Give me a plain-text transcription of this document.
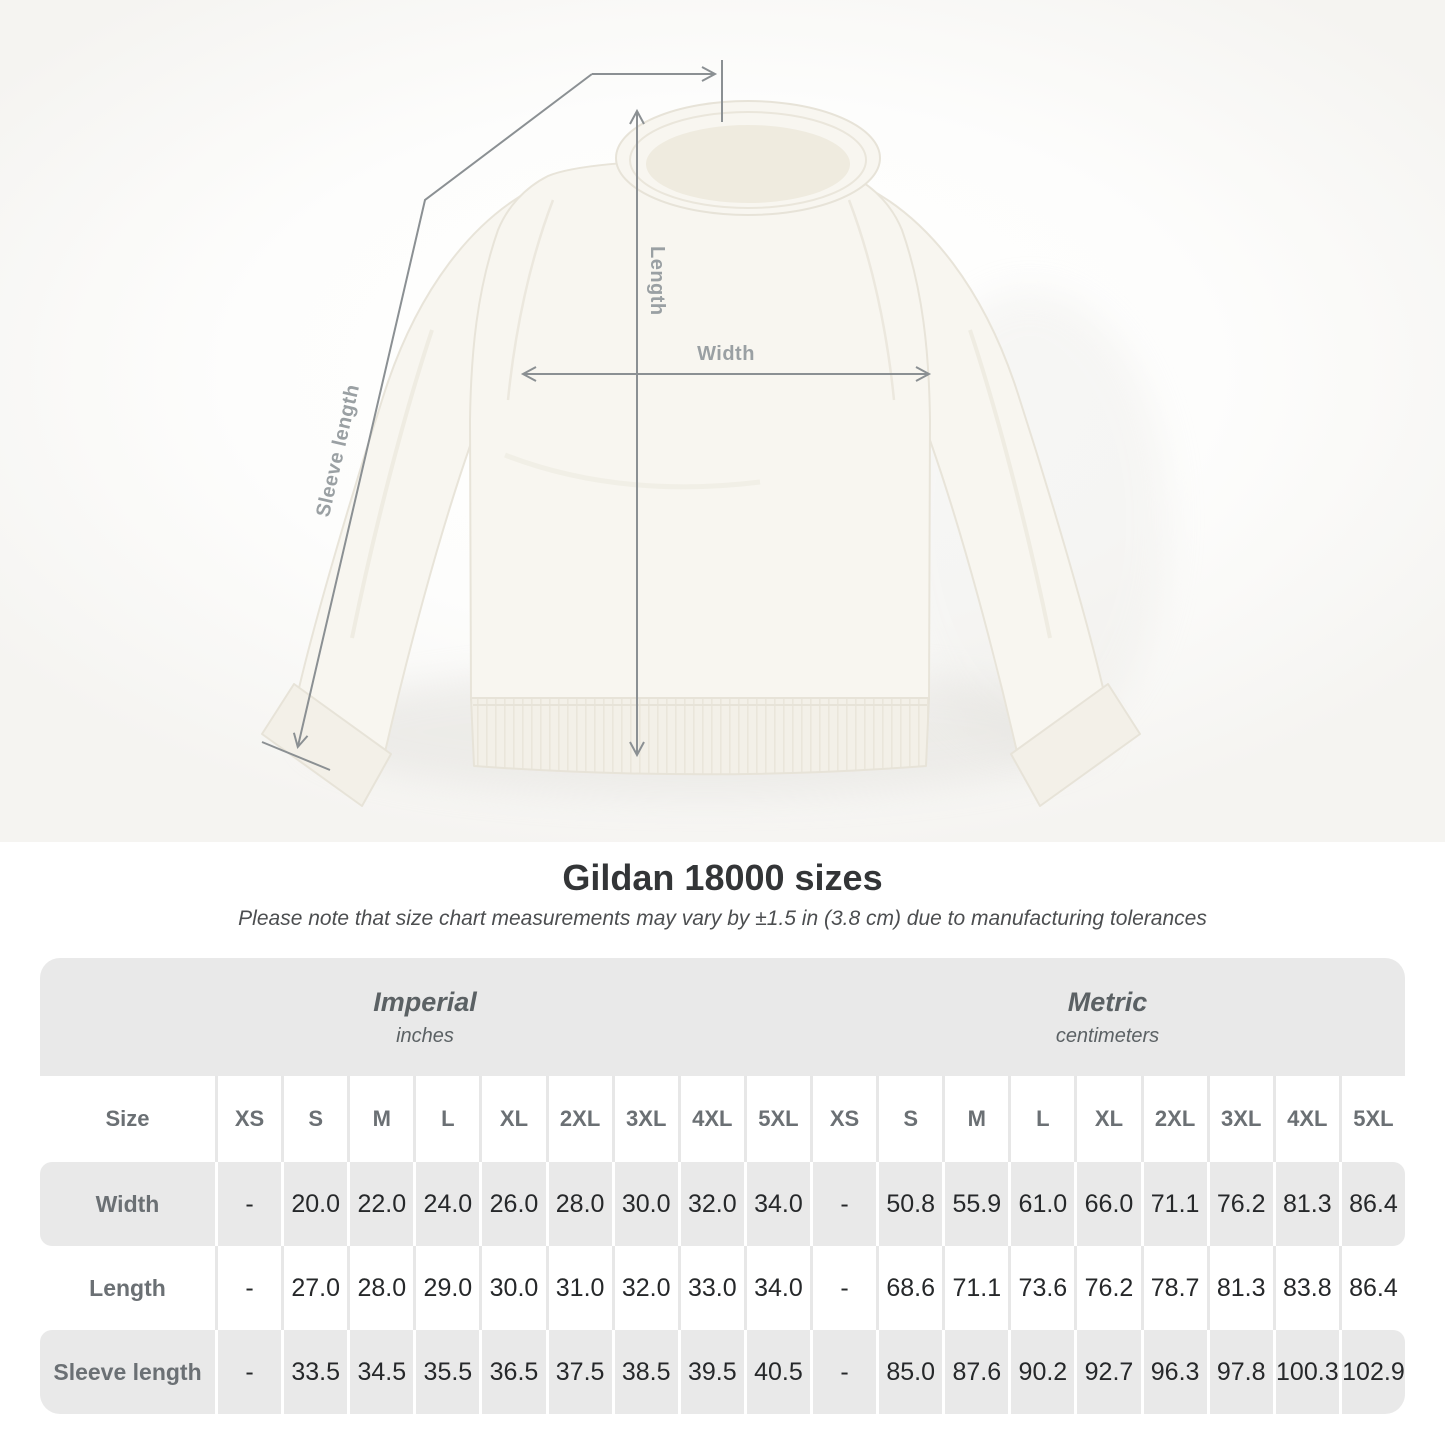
Width
Length
Sleeve length
Gildan 18000 sizes

Please note that size chart measurements may vary by ±1.5 in (3.8 cm) due to manufacturing tolerances

Imperial
inches
Metric
centimeters
Size	XS	S	M	L	XL	2XL	3XL	4XL	5XL	XS	S	M	L	XL	2XL	3XL	4XL	5XL
Width	-	20.0 22.0 24.0 26.0 28.0 30.0 32.0 34.0	-	50.8 55.9 61.0 66.0 71.1 76.2 81.3 86.4
Length	-	27.0 28.0 29.0 30.0 31.0 32.0 33.0 34.0	-	68.6 71.1 73.6 76.2 78.7 81.3 83.8 86.4
Sleeve length	-	33.5 34.5 35.5 36.5 37.5 38.5 39.5 40.5	-	85.0 87.6 90.2 92.7 96.3 97.8 100.3 102.9
